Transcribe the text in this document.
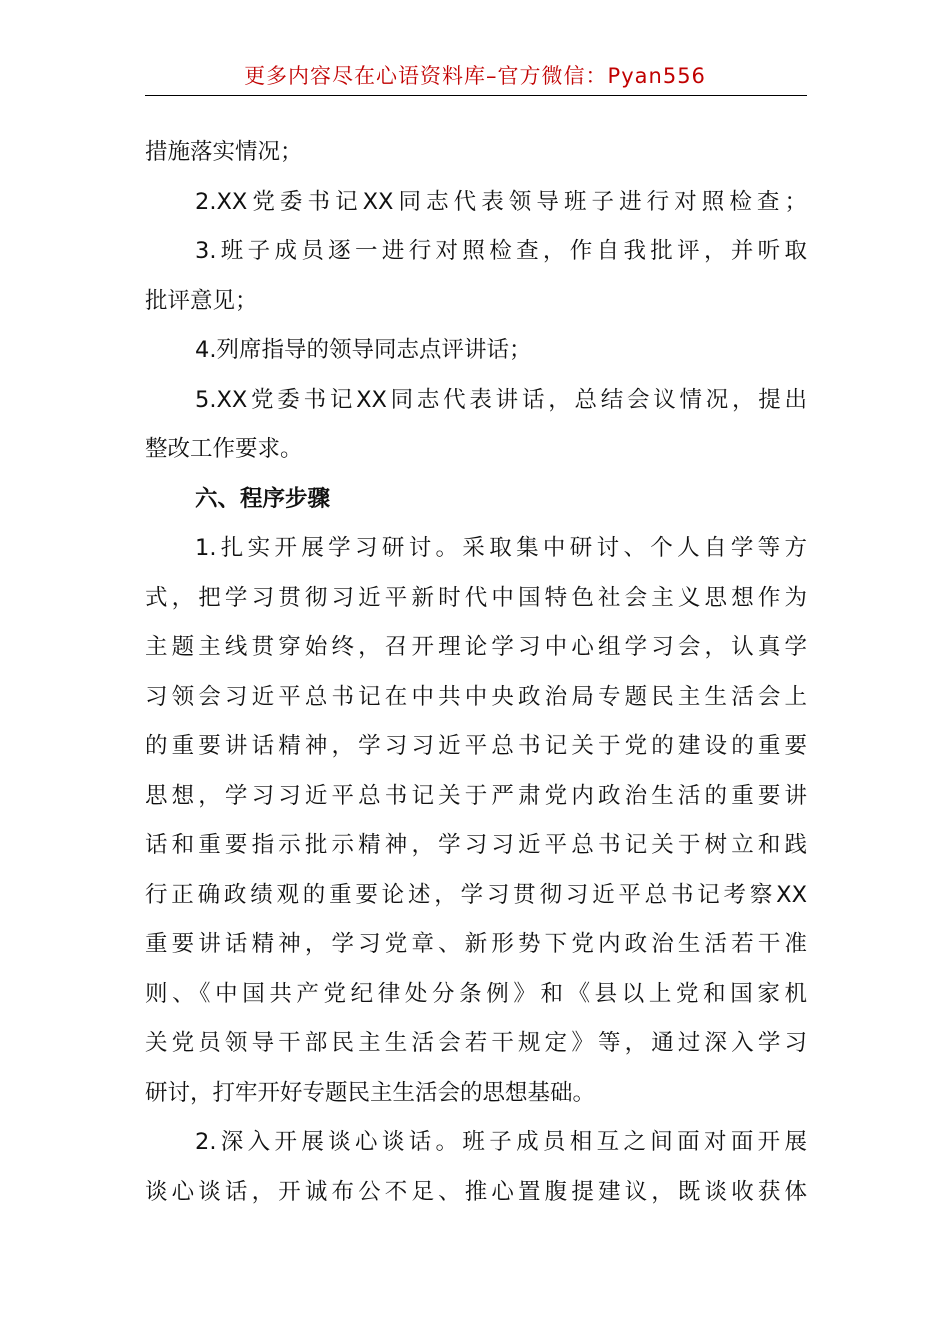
更多内容尽在心语资料库–官方微信：Pyan556
措施落实情况；
2.XX党委书记XX同志代表领导班子进行对照检查；
3.班子成员逐一进行对照检查，作自我批评，并听取
批评意见；
4.列席指导的领导同志点评讲话；
5.XX党委书记XX同志代表讲话，总结会议情况，提出
整改工作要求。
六、程序步骤
1.扎实开展学习研讨。采取集中研讨、个人自学等方
式，把学习贯彻习近平新时代中国特色社会主义思想作为
主题主线贯穿始终，召开理论学习中心组学习会，认真学
习领会习近平总书记在中共中央政治局专题民主生活会上
的重要讲话精神，学习习近平总书记关于党的建设的重要
思想，学习习近平总书记关于严肃党内政治生活的重要讲
话和重要指示批示精神，学习习近平总书记关于树立和践
行正确政绩观的重要论述，学习贯彻习近平总书记考察XX
重要讲话精神，学习党章、新形势下党内政治生活若干准
则、《中国共产党纪律处分条例》和《县以上党和国家机
关党员领导干部民主生活会若干规定》等，通过深入学习
研讨，打牢开好专题民主生活会的思想基础。
2.深入开展谈心谈话。班子成员相互之间面对面开展
谈心谈话，开诚布公不足、推心置腹提建议，既谈收获体
